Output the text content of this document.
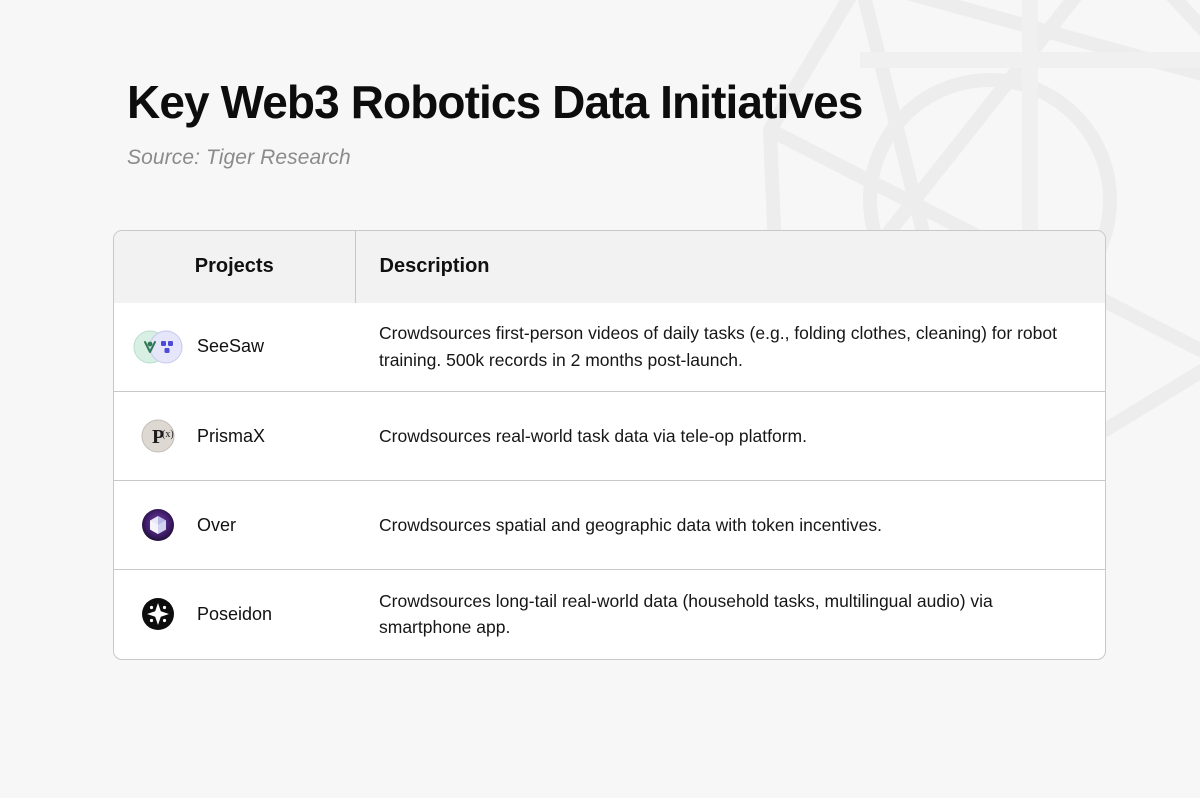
Key Web3 Robotics Data Initiatives
Source: Tiger Research
Projects	Description

SeeSaw	Crowdsources first-person videos of daily tasks (e.g., folding clothes, cleaning) for robot training. 500k records in 2 months post-launch.

P
(x) PrismaX	Crowdsources real-world task data via tele-op platform.

Over	Crowdsources spatial and geographic data with token incentives.

Poseidon	Crowdsources long-tail real-world data (household tasks, multilingual audio) via smartphone app.
